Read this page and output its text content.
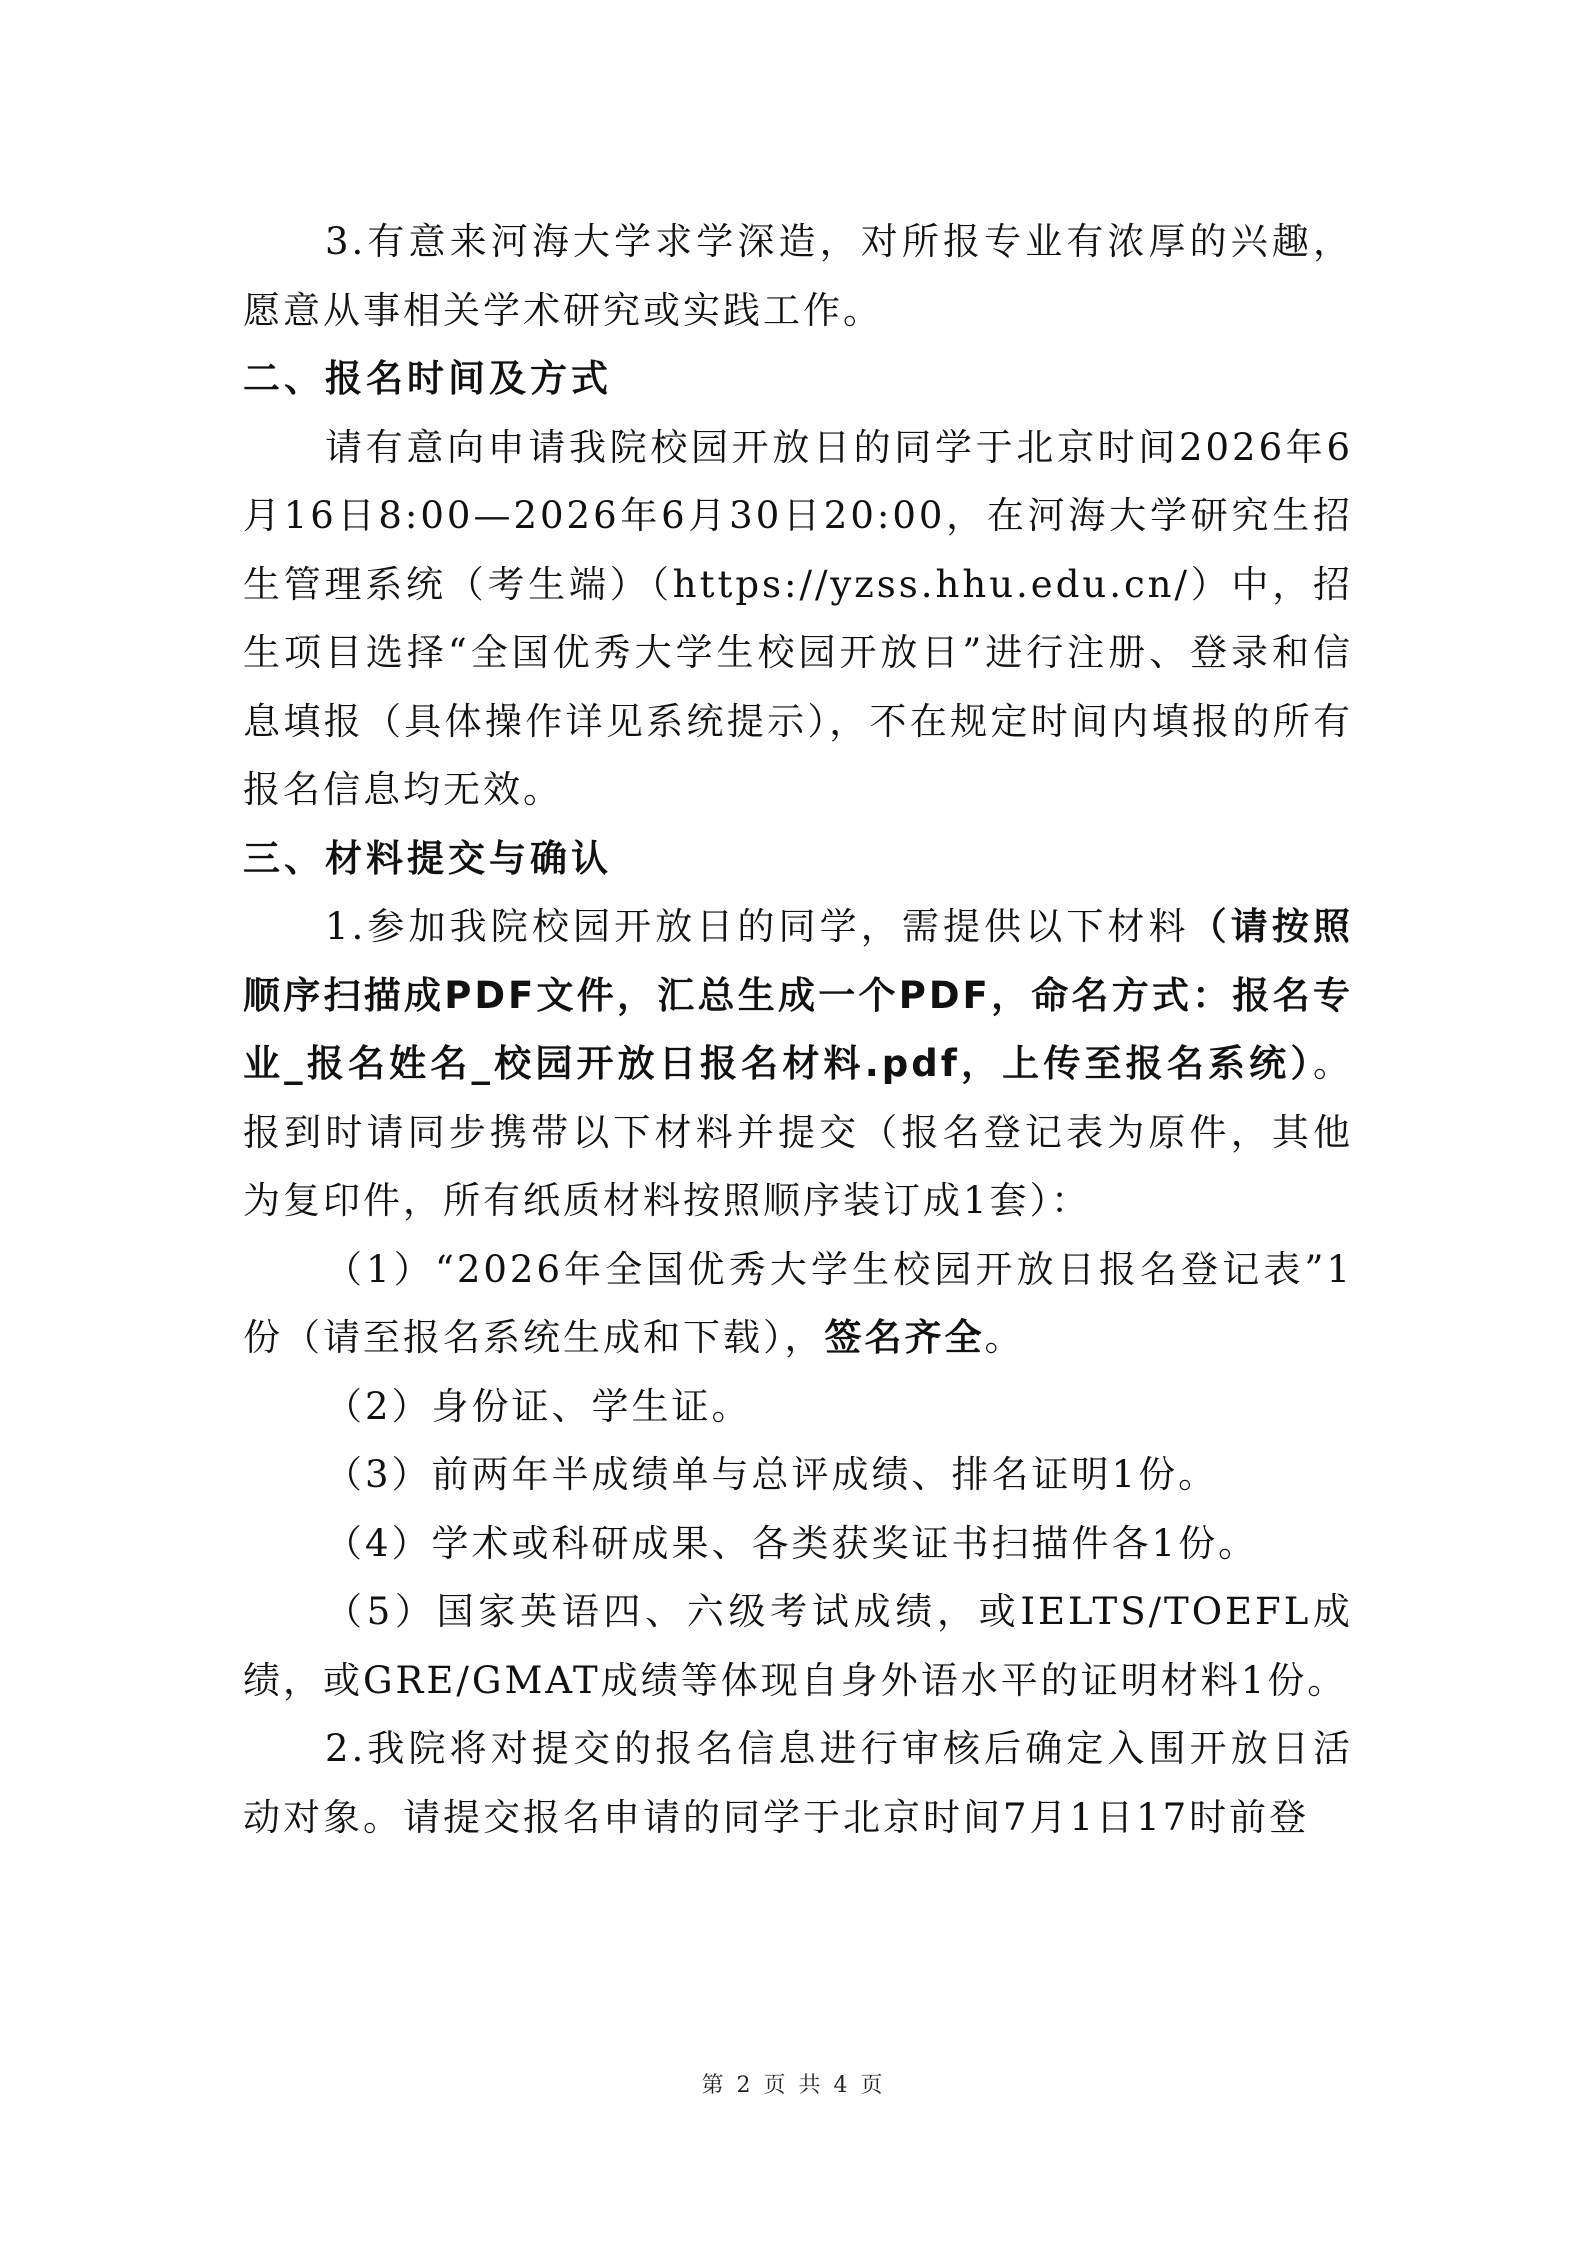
3.有意来河海大学求学深造，对所报专业有浓厚的兴趣，愿意从事相关学术研究或实践工作。

二、报名时间及方式

请有意向申请我院校园开放日的同学于北京时间2026年6月16日8:00—2026年6月30日20:00，在河海大学研究生招生管理系统（考生端）（https://yzss.hhu.edu.cn/）中，招生项目选择“全国优秀大学生校园开放日”进行注册、登录和信息填报（具体操作详见系统提示），不在规定时间内填报的所有报名信息均无效。

三、材料提交与确认

1.参加我院校园开放日的同学，需提供以下材料（请按照顺序扫描成PDF文件，汇总生成一个PDF，命名方式：报名专业_报名姓名_校园开放日报名材料.pdf，上传至报名系统）。报到时请同步携带以下材料并提交（报名登记表为原件，其他为复印件，所有纸质材料按照顺序装订成1套）：

（1）“2026年全国优秀大学生校园开放日报名登记表”1份（请至报名系统生成和下载），签名齐全。

（2）身份证、学生证。

（3）前两年半成绩单与总评成绩、排名证明1份。

（4）学术或科研成果、各类获奖证书扫描件各1份。

（5）国家英语四、六级考试成绩，或IELTS/TOEFL成绩，或GRE/GMAT成绩等体现自身外语水平的证明材料1份。

2.我院将对提交的报名信息进行审核后确定入围开放日活动对象。请提交报名申请的同学于北京时间7月1日17时前登

第 2 页 共 4 页
